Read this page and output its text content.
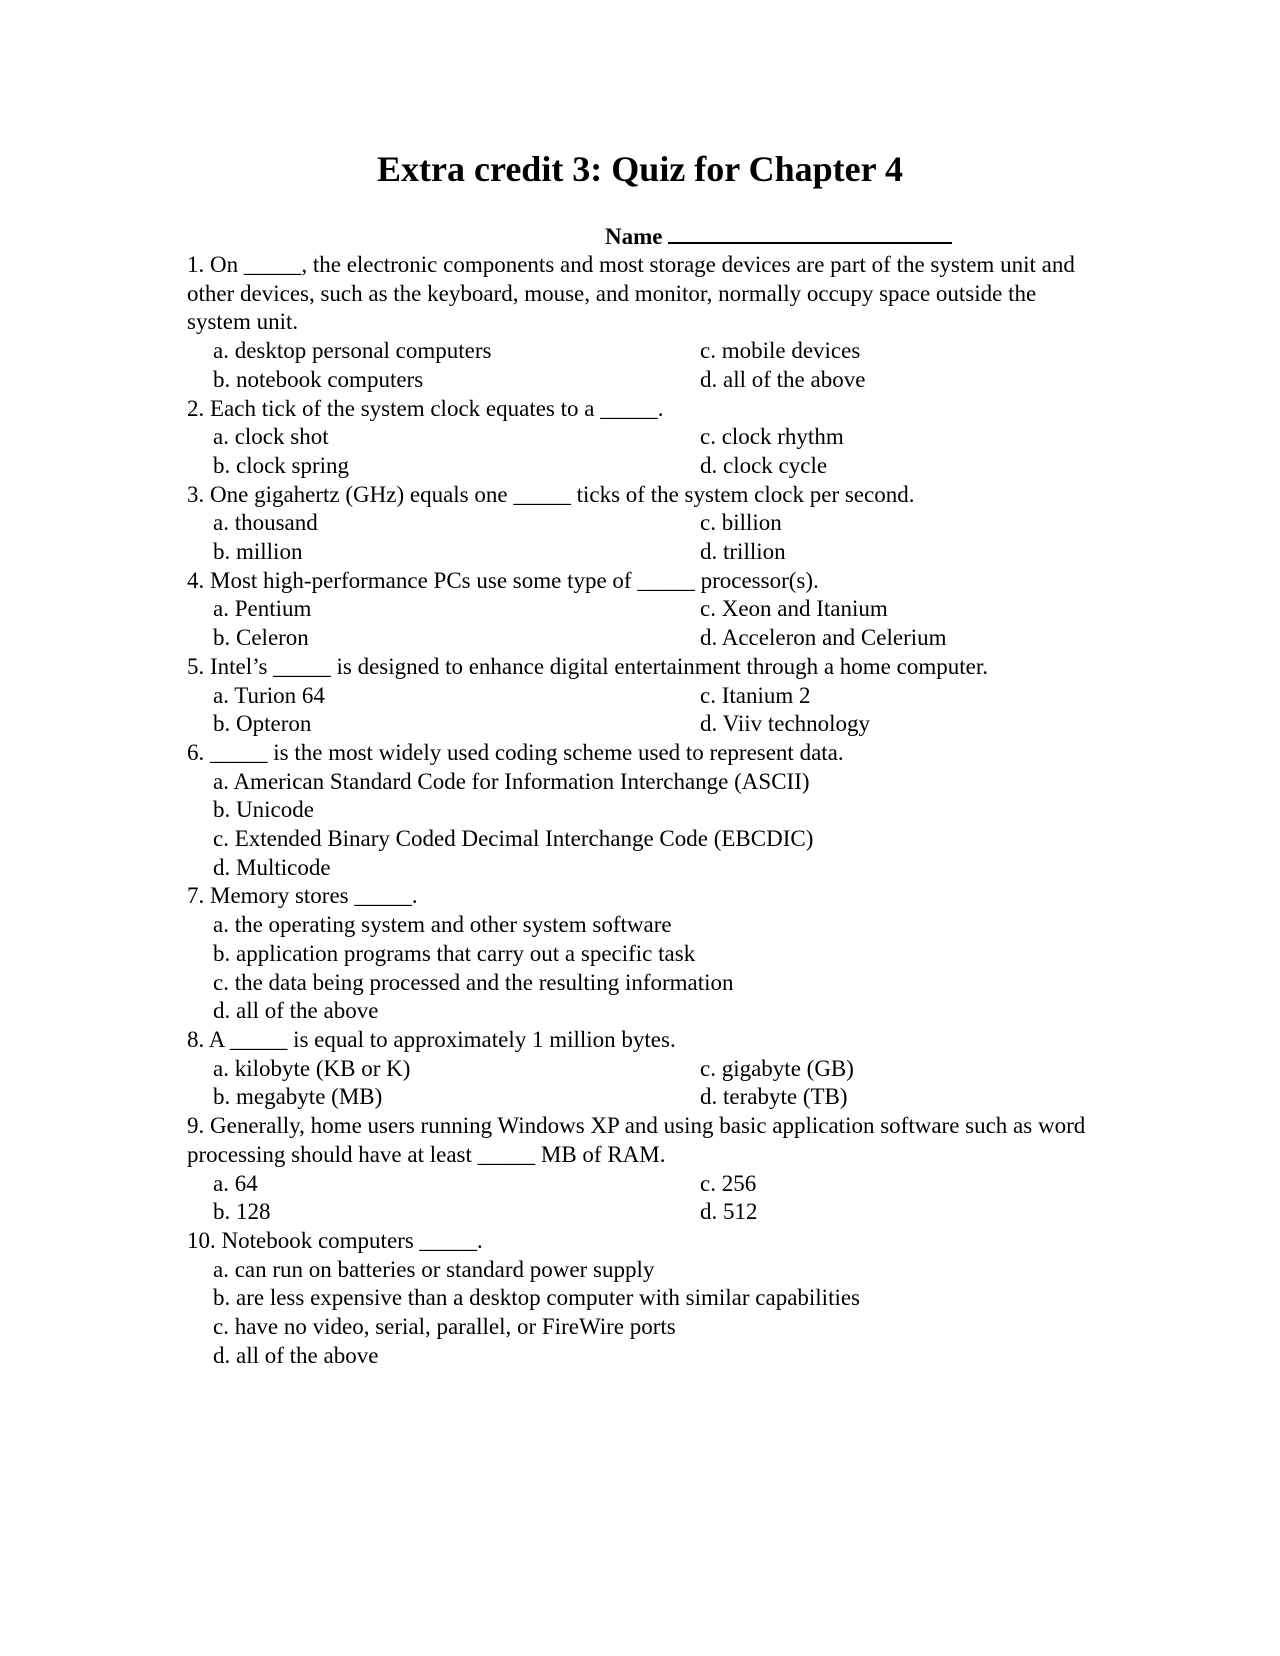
Extra credit 3: Quiz for Chapter 4
Name

1. On _____, the electronic components and most storage devices are part of the system unit and other devices, such as the keyboard, mouse, and monitor, normally occupy space outside the system unit.

a. desktop personal computers	c. mobile devices
b. notebook computers	d. all of the above

2. Each tick of the system clock equates to a _____.

a. clock shot	c. clock rhythm
b. clock spring	d. clock cycle

3. One gigahertz (GHz) equals one _____ ticks of the system clock per second.

a. thousand	c. billion
b. million	d. trillion

4. Most high-performance PCs use some type of _____ processor(s).

a. Pentium	c. Xeon and Itanium
b. Celeron	d. Acceleron and Celerium

5. Intel’s _____ is designed to enhance digital entertainment through a home computer.

a. Turion 64	c. Itanium 2
b. Opteron	d. Viiv technology

6. _____ is the most widely used coding scheme used to represent data.

a. American Standard Code for Information Interchange (ASCII)
b. Unicode
c. Extended Binary Coded Decimal Interchange Code (EBCDIC)
d. Multicode

7. Memory stores _____.

a. the operating system and other system software
b. application programs that carry out a specific task
c. the data being processed and the resulting information
d. all of the above

8. A _____ is equal to approximately 1 million bytes.

a. kilobyte (KB or K)	c. gigabyte (GB)
b. megabyte (MB)	d. terabyte (TB)

9. Generally, home users running Windows XP and using basic application software such as word processing should have at least _____ MB of RAM.

a. 64	c. 256
b. 128	d. 512

10. Notebook computers _____.

a. can run on batteries or standard power supply
b. are less expensive than a desktop computer with similar capabilities
c. have no video, serial, parallel, or FireWire ports
d. all of the above
